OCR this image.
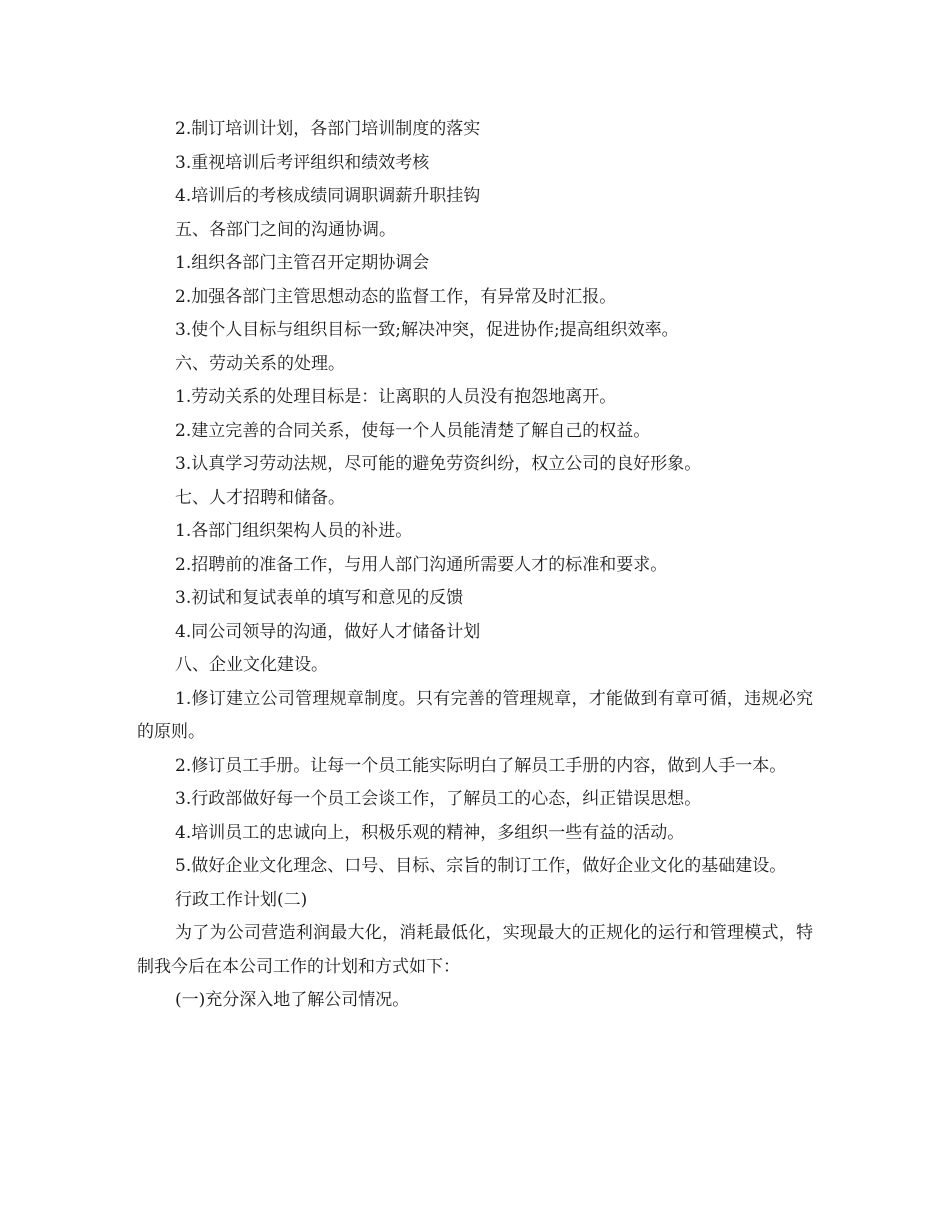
2.制订培训计划，各部门培训制度的落实

3.重视培训后考评组织和绩效考核

4.培训后的考核成绩同调职调薪升职挂钩

五、各部门之间的沟通协调。

1.组织各部门主管召开定期协调会

2.加强各部门主管思想动态的监督工作，有异常及时汇报。

3.使个人目标与组织目标一致;解决冲突，促进协作;提高组织效率。

六、劳动关系的处理。

1.劳动关系的处理目标是：让离职的人员没有抱怨地离开。

2.建立完善的合同关系，使每一个人员能清楚了解自己的权益。

3.认真学习劳动法规，尽可能的避免劳资纠纷，权立公司的良好形象。

七、人才招聘和储备。

1.各部门组织架构人员的补进。

2.招聘前的准备工作，与用人部门沟通所需要人才的标准和要求。

3.初试和复试表单的填写和意见的反馈

4.同公司领导的沟通，做好人才储备计划

八、企业文化建设。

1.修订建立公司管理规章制度。只有完善的管理规章，才能做到有章可循，违规必究的原则。

2.修订员工手册。让每一个员工能实际明白了解员工手册的内容，做到人手一本。

3.行政部做好每一个员工会谈工作，了解员工的心态，纠正错误思想。

4.培训员工的忠诚向上，积极乐观的精神，多组织一些有益的活动。

5.做好企业文化理念、口号、目标、宗旨的制订工作，做好企业文化的基础建设。

行政工作计划(二)

为了为公司营造利润最大化，消耗最低化，实现最大的正规化的运行和管理模式，特制我今后在本公司工作的计划和方式如下：

(一)充分深入地了解公司情况。
